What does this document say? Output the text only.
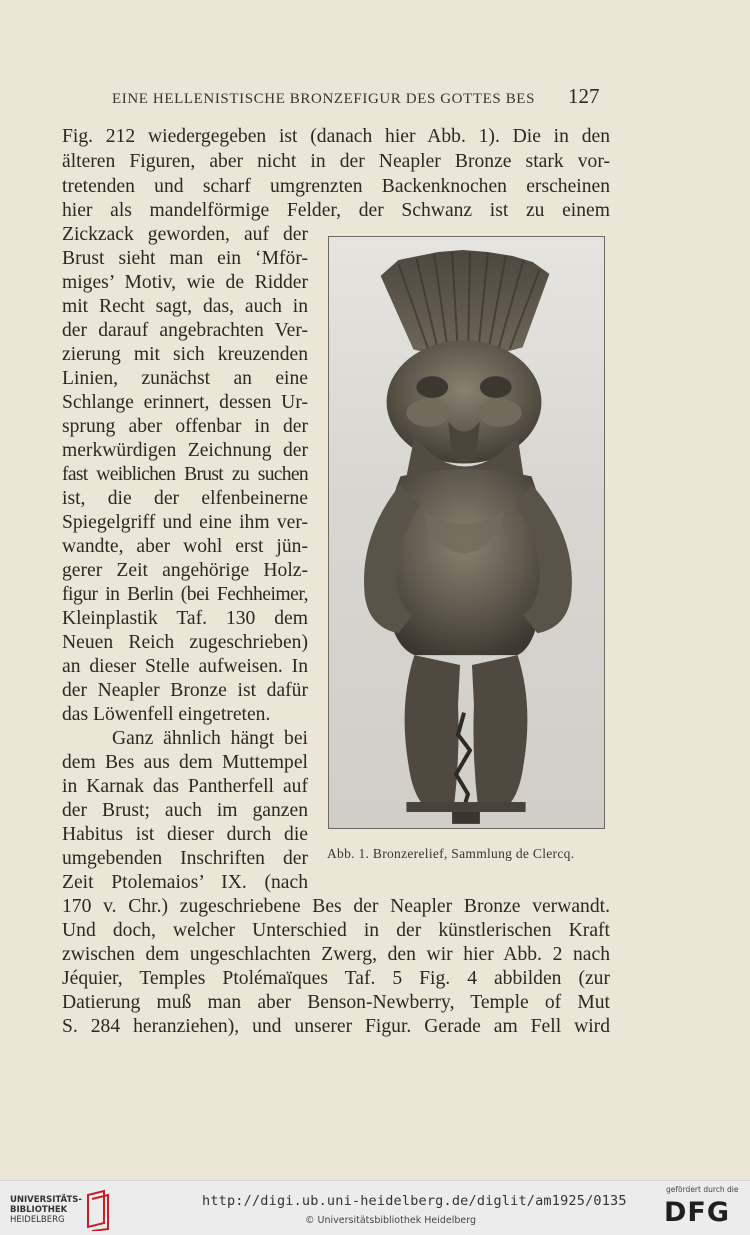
EINE HELLENISTISCHE BRONZEFIGUR DES GOTTES BES 127
Fig. 212 wiedergegeben ist (danach hier Abb. 1). Die in den
älteren Figuren, aber nicht in der Neapler Bronze stark vor-
tretenden und scharf umgrenzten Backenknochen erscheinen
hier als mandelförmige Felder, der Schwanz ist zu einem
Zickzack geworden, auf der
Brust sieht man ein ‘Mför-
miges’ Motiv, wie de Ridder
mit Recht sagt, das, auch in
der darauf angebrachten Ver-
zierung mit sich kreuzenden
Linien, zunächst an eine
Schlange erinnert, dessen Ur-
sprung aber offenbar in der
merkwürdigen Zeichnung der
fast weiblichen Brust zu suchen
ist, die der elfenbeinerne
Spiegelgriff und eine ihm ver-
wandte, aber wohl erst jün-
gerer Zeit angehörige Holz-
figur in Berlin (bei Fechheimer,
Kleinplastik Taf. 130 dem
Neuen Reich zugeschrieben)
an dieser Stelle aufweisen. In
der Neapler Bronze ist dafür
das Löwenfell eingetreten.
Ganz ähnlich hängt bei
dem Bes aus dem Muttempel
in Karnak das Pantherfell auf
der Brust; auch im ganzen
Habitus ist dieser durch die
umgebenden Inschriften der
Zeit Ptolemaios’ IX. (nach
170 v. Chr.) zugeschriebene Bes der Neapler Bronze verwandt.
Und doch, welcher Unterschied in der künstlerischen Kraft
zwischen dem ungeschlachten Zwerg, den wir hier Abb. 2 nach
Jéquier, Temples Ptolémaïques Taf. 5 Fig. 4 abbilden (zur
Datierung muß man aber Benson-Newberry, Temple of Mut
S. 284 heranziehen), und unserer Figur. Gerade am Fell wird
Abb. 1. Bronzerelief, Sammlung de Clercq.
UNIVERSITÄTS-
BIBLIOTHEK
HEIDELBERG
http://digi.ub.uni-heidelberg.de/diglit/am1925/0135
© Universitätsbibliothek Heidelberg
gefördert durch die
DFG
